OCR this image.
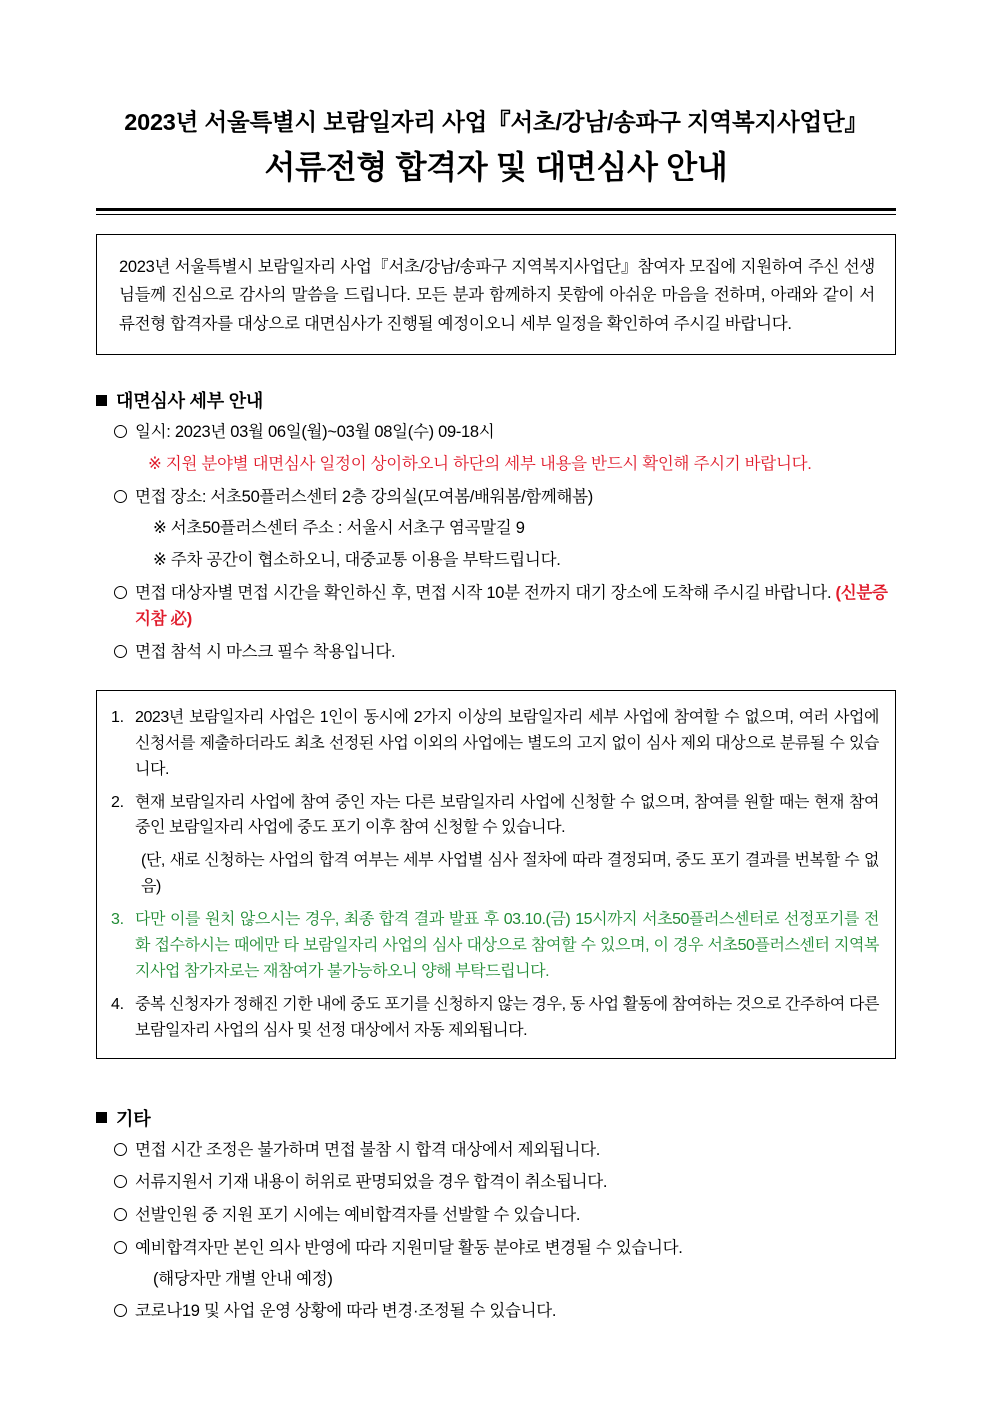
2023년 서울특별시 보람일자리 사업『서초/강남/송파구 지역복지사업단』
서류전형 합격자 및 대면심사 안내
2023년 서울특별시 보람일자리 사업『서초/강남/송파구 지역복지사업단』참여자 모집에 지원하여 주신 선생님들께 진심으로 감사의 말씀을 드립니다. 모든 분과 함께하지 못함에 아쉬운 마음을 전하며, 아래와 같이 서류전형 합격자를 대상으로 대면심사가 진행될 예정이오니 세부 일정을 확인하여 주시길 바랍니다.
대면심사 세부 안내
일시: 2023년 03월 06일(월)~03월 08일(수) 09-18시
※ 지원 분야별 대면심사 일정이 상이하오니 하단의 세부 내용을 반드시 확인해 주시기 바랍니다.
면접 장소: 서초50플러스센터 2층 강의실(모여봄/배워봄/함께해봄)
※ 서초50플러스센터 주소 : 서울시 서초구 염곡말길 9
※ 주차 공간이 협소하오니, 대중교통 이용을 부탁드립니다.
면접 대상자별 면접 시간을 확인하신 후, 면접 시작 10분 전까지 대기 장소에 도착해 주시길 바랍니다. (신분증 지참 必)
면접 참석 시 마스크 필수 착용입니다.
1. 2023년 보람일자리 사업은 1인이 동시에 2가지 이상의 보람일자리 세부 사업에 참여할 수 없으며, 여러 사업에 신청서를 제출하더라도 최초 선정된 사업 이외의 사업에는 별도의 고지 없이 심사 제외 대상으로 분류될 수 있습니다.
2. 현재 보람일자리 사업에 참여 중인 자는 다른 보람일자리 사업에 신청할 수 없으며, 참여를 원할 때는 현재 참여 중인 보람일자리 사업에 중도 포기 이후 참여 신청할 수 있습니다.
(단, 새로 신청하는 사업의 합격 여부는 세부 사업별 심사 절차에 따라 결정되며, 중도 포기 결과를 번복할 수 없음)
3. 다만 이를 원치 않으시는 경우, 최종 합격 결과 발표 후 03.10.(금) 15시까지 서초50플러스센터로 선정포기를 전화 접수하시는 때에만 타 보람일자리 사업의 심사 대상으로 참여할 수 있으며, 이 경우 서초50플러스센터 지역복지사업 참가자로는 재참여가 불가능하오니 양해 부탁드립니다.
4. 중복 신청자가 정해진 기한 내에 중도 포기를 신청하지 않는 경우, 동 사업 활동에 참여하는 것으로 간주하여 다른 보람일자리 사업의 심사 및 선정 대상에서 자동 제외됩니다.
기타
면접 시간 조정은 불가하며 면접 불참 시 합격 대상에서 제외됩니다.
서류지원서 기재 내용이 허위로 판명되었을 경우 합격이 취소됩니다.
선발인원 중 지원 포기 시에는 예비합격자를 선발할 수 있습니다.
예비합격자만 본인 의사 반영에 따라 지원미달 활동 분야로 변경될 수 있습니다.
(해당자만 개별 안내 예정)
코로나19 및 사업 운영 상황에 따라 변경·조정될 수 있습니다.
